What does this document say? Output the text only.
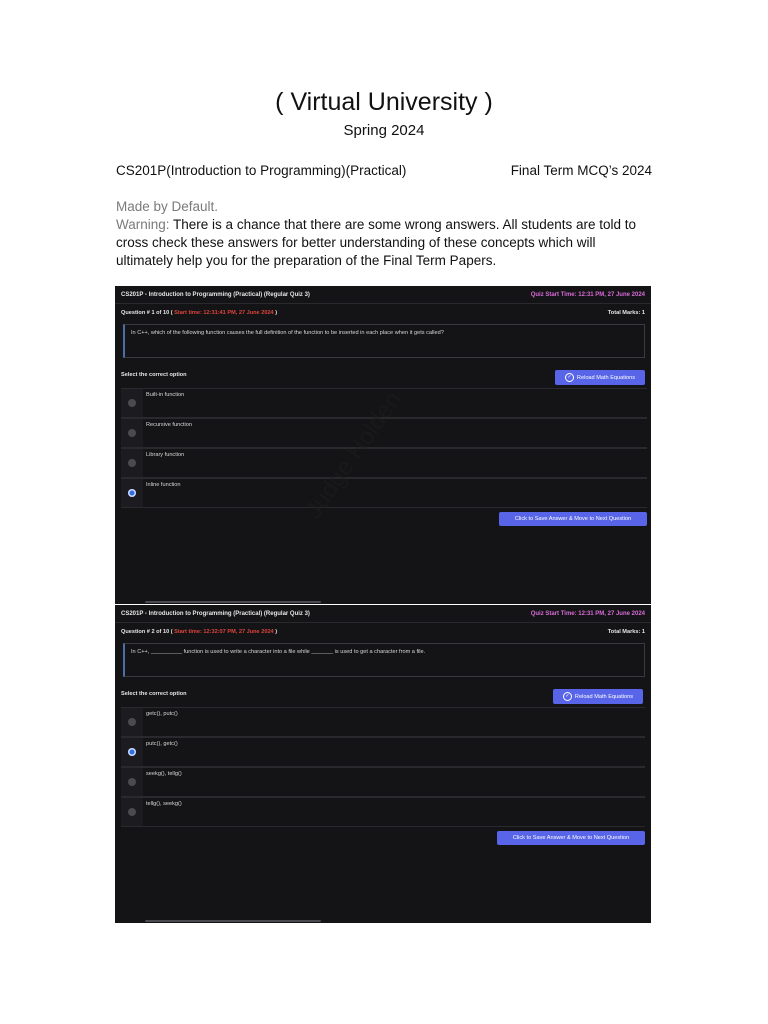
( Virtual University )
Spring 2024
CS201P(Introduction to Programming)(Practical)	Final Term MCQ’s 2024
Made by Default.
Warning: There is a chance that there are some wrong answers. All students are told to cross check these answers for better understanding of these concepts which will ultimately help you for the preparation of the Final Term Papers.
CS201P - Introduction to Programming (Practical) (Regular Quiz 3)	Quiz Start Time: 12:31 PM, 27 June 2024
Question # 1 of 10 ( Start time: 12:31:41 PM, 27 June 2024 )	Total Marks: 1
In C++, which of the following function causes the full definition of the function to be inserted in each place when it gets called?
Select the correct option	✓ Reload Math Equations
Built-in function
Recursive function
Library function
Inline function
Click to Save Answer & Move to Next Question
CS201P - Introduction to Programming (Practical) (Regular Quiz 3)	Quiz Start Time: 12:31 PM, 27 June 2024
Question # 2 of 10 ( Start time: 12:32:07 PM, 27 June 2024 )	Total Marks: 1
In C++, __________ function is used to write a character into a file while _______ is used to get a character from a file.
Select the correct option	✓ Reload Math Equations
getc(), putc()
putc(), getc()
seekg(), tellg()
tellg(), seekg()
Click to Save Answer & Move to Next Question
Judge Holden
